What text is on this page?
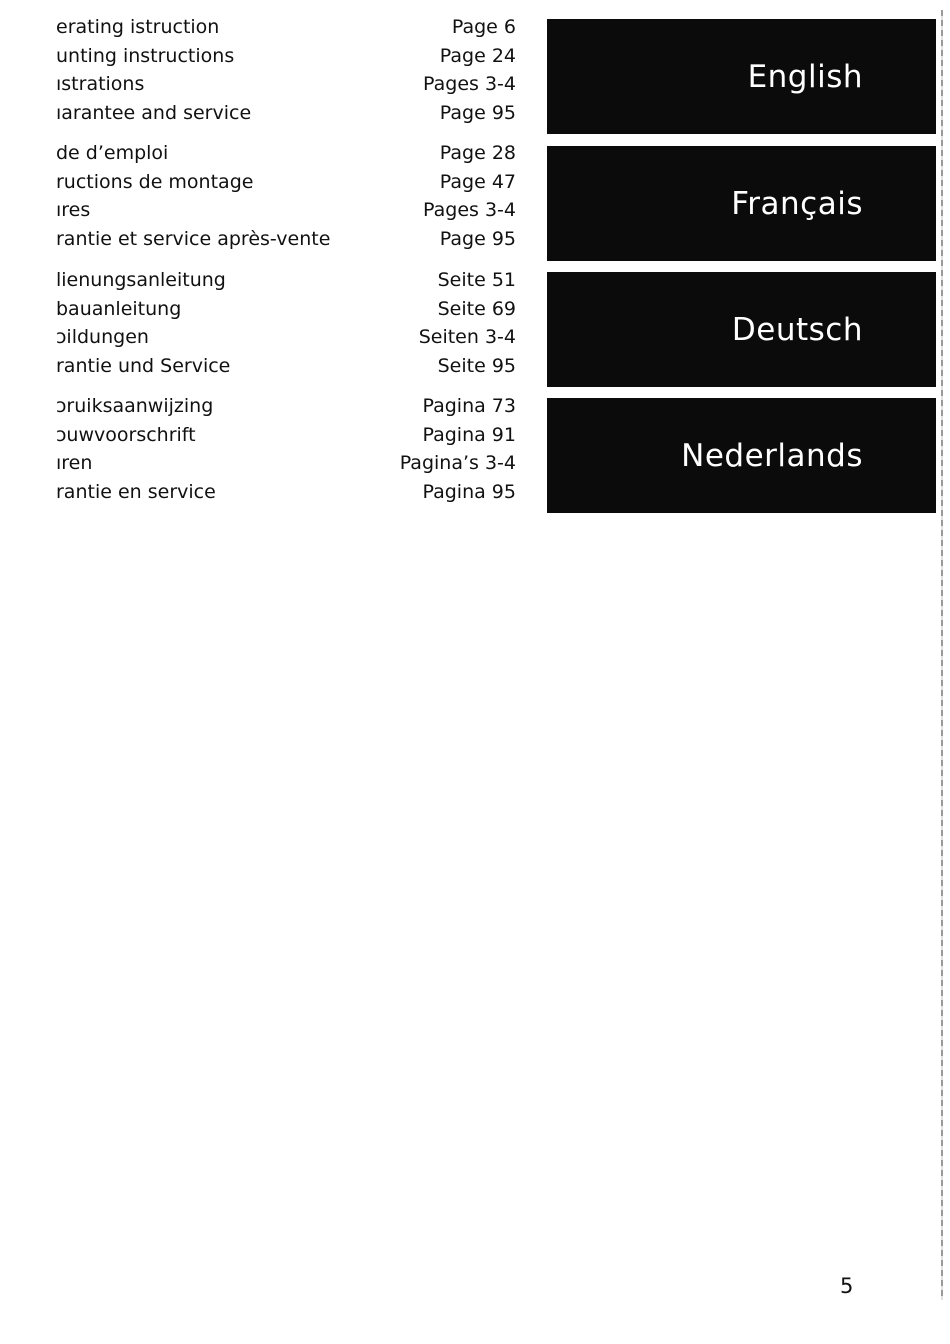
erating istruction	Page 6
unting instructions	Page 24
ıstrations	Pages 3-4
ıarantee and service	Page 95
de d’emploi	Page 28
ructions de montage	Page 47
ıres	Pages 3-4
rantie et service après-vente	Page 95
lienungsanleitung	Seite 51
bauanleitung	Seite 69
ɔildungen	Seiten 3-4
rantie und Service	Seite 95
ɔruiksaanwijzing	Pagina 73
ɔuwvoorschrift	Pagina 91
ıren	Pagina’s 3-4
rantie en service	Pagina 95
English
Français
Deutsch
Nederlands
5
